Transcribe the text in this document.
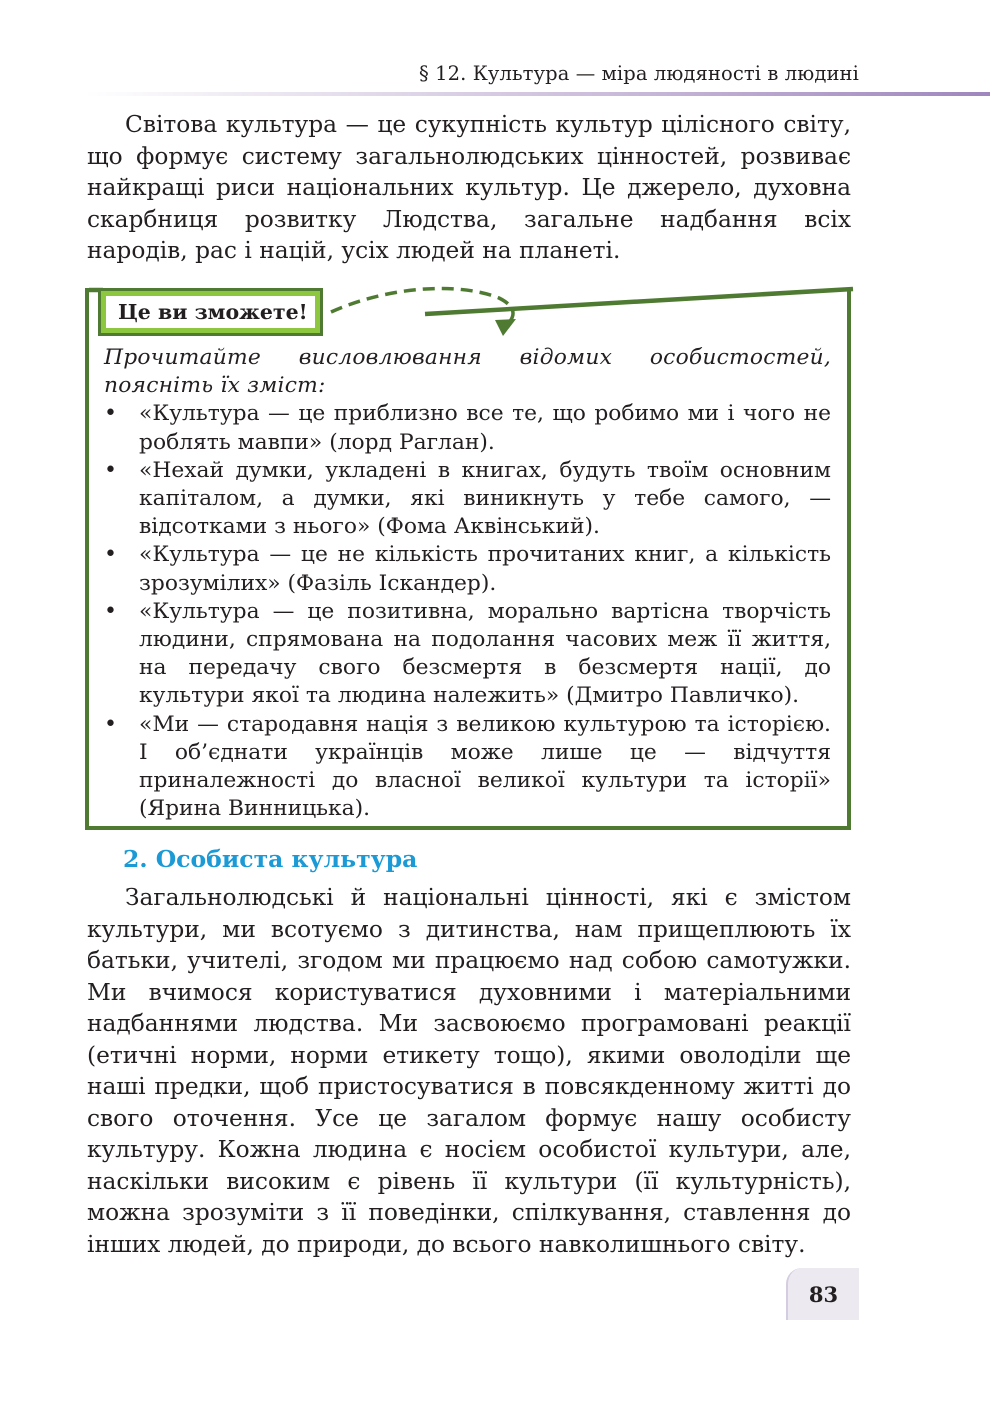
§ 12. Культура — міра людяності в людині

Світова культура — це сукупність культур цілісного світу, що формує систему загальнолюдських цінностей, розвиває найкращі риси національних культур. Це джерело, духовна скарбниця розвитку Людства, загальне надбання всіх народів, рас і націй, усіх людей на планеті.

Це ви зможете!

Прочитайте висловлювання відомих особистостей, поясніть їх зміст:

• «Культура — це приблизно все те, що робимо ми і чого не роблять мавпи» (лорд Раглан).
• «Нехай думки, укладені в книгах, будуть твоїм основним капіталом, а думки, які виникнуть у тебе самого, — відсотками з нього» (Фома Аквінський).
• «Культура — це не кількість прочитаних книг, а кількість зрозумілих» (Фазіль Іскандер).
• «Культура — це позитивна, морально вартісна творчість людини, спрямована на подолання часових меж її життя, на передачу свого безсмертя в безсмертя нації, до культури якої та людина належить» (Дмитро Павличко).
• «Ми — стародавня нація з великою культурою та історією. І об’єднати українців може лише це — відчуття приналежності до власної великої культури та історії» (Ярина Винницька).
2. Особиста культура

Загальнолюдські й національні цінності, які є змістом культури, ми всотуємо з дитинства, нам прищеплюють їх батьки, учителі, згодом ми працюємо над собою самотужки. Ми вчимося користуватися духовними і матеріальними надбаннями людства. Ми засвоюємо програмовані реакції (етичні норми, норми етикету тощо), якими оволоділи ще наші предки, щоб пристосуватися в повсякденному житті до свого оточення. Усе це загалом формує нашу особисту культуру. Кожна людина є носієм особистої культури, але, наскільки високим є рівень її культури (її культурність), можна зрозуміти з її поведінки, спілкування, ставлення до інших людей, до природи, до всього навколишнього світу.

83
